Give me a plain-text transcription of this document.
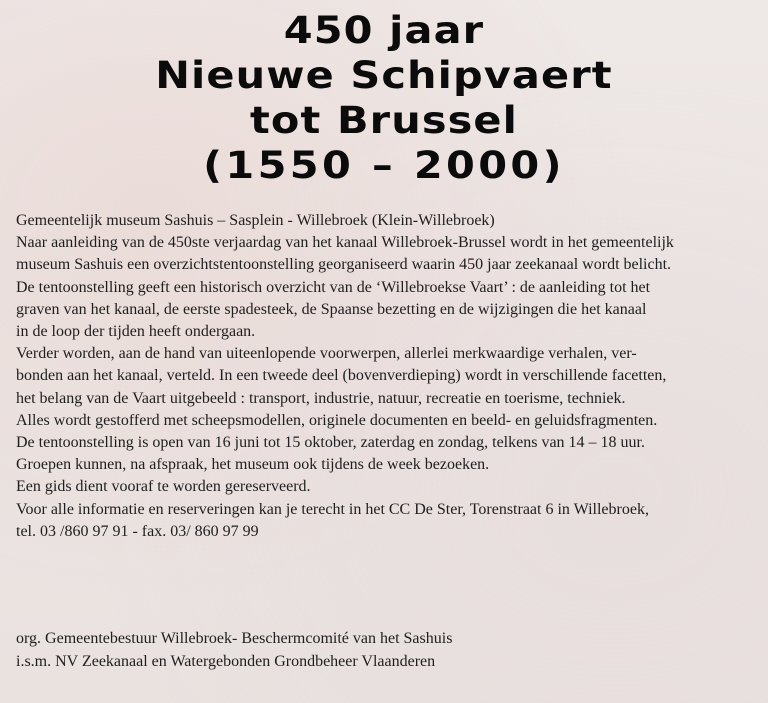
450 jaar
Nieuwe Schipvaert
tot Brussel
(1550 – 2000)

Gemeentelijk museum Sashuis – Sasplein - Willebroek (Klein-Willebroek)

Naar aanleiding van de 450ste verjaardag van het kanaal Willebroek-Brussel wordt in het gemeentelijk

museum Sashuis een overzichtstentoonstelling georganiseerd waarin 450 jaar zeekanaal wordt belicht.

De tentoonstelling geeft een historisch overzicht van de ‘Willebroekse Vaart’ : de aanleiding tot het

graven van het kanaal, de eerste spadesteek, de Spaanse bezetting en de wijzigingen die het kanaal

in de loop der tijden heeft ondergaan.

Verder worden, aan de hand van uiteenlopende voorwerpen, allerlei merkwaardige verhalen, ver-

bonden aan het kanaal, verteld. In een tweede deel (bovenverdieping) wordt in verschillende facetten,

het belang van de Vaart uitgebeeld : transport, industrie, natuur, recreatie en toerisme, techniek.

Alles wordt gestofferd met scheepsmodellen, originele documenten en beeld- en geluidsfragmenten.

De tentoonstelling is open van 16 juni tot 15 oktober, zaterdag en zondag, telkens van 14 – 18 uur.

Groepen kunnen, na afspraak, het museum ook tijdens de week bezoeken.

Een gids dient vooraf te worden gereserveerd.

Voor alle informatie en reserveringen kan je terecht in het CC De Ster, Torenstraat 6 in Willebroek,

tel. 03 /860 97 91 - fax. 03/ 860 97 99

org. Gemeentebestuur Willebroek- Beschermcomité van het Sashuis

i.s.m. NV Zeekanaal en Watergebonden Grondbeheer Vlaanderen
